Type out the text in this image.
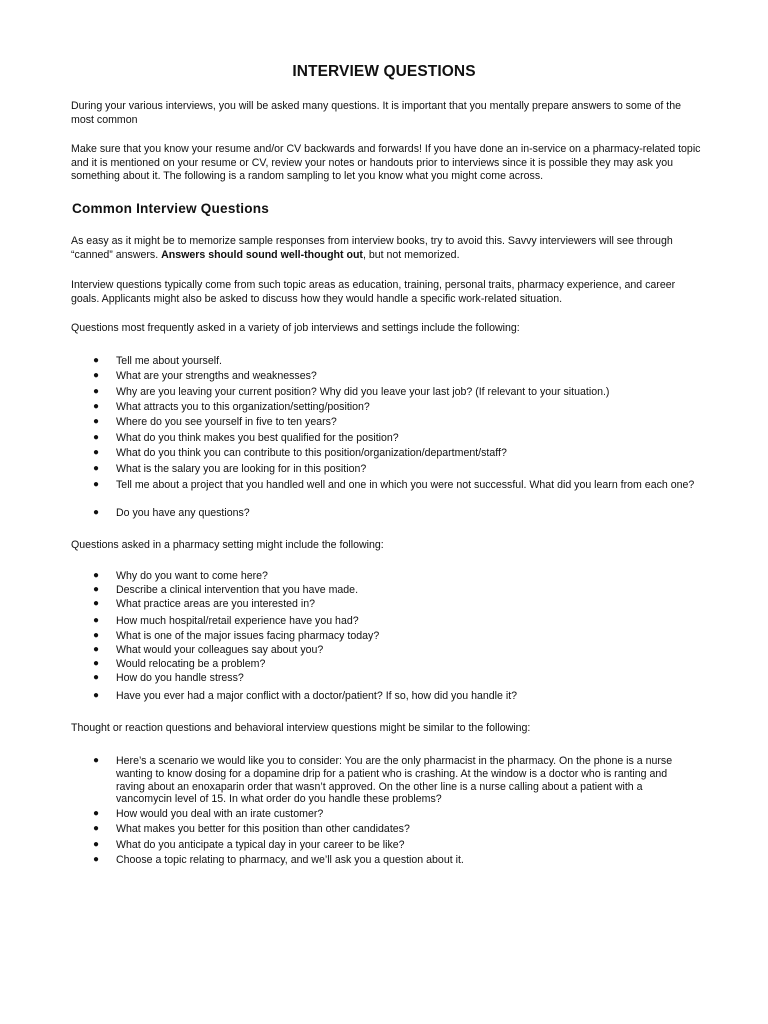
INTERVIEW QUESTIONS
During your various interviews, you will be asked many questions. It is important that you mentally prepare answers to some of the most common
Make sure that you know your resume and/or CV backwards and forwards! If you have done an in-service on a pharmacy-related topic and it is mentioned on your resume or CV, review your notes or handouts prior to interviews since it is possible they may ask you something about it. The following is a random sampling to let you know what you might come across.
Common Interview Questions
As easy as it might be to memorize sample responses from interview books, try to avoid this. Savvy interviewers will see through “canned” answers. Answers should sound well-thought out, but not memorized.
Interview questions typically come from such topic areas as education, training, personal traits, pharmacy experience, and career goals. Applicants might also be asked to discuss how they would handle a specific work-related situation.
Questions most frequently asked in a variety of job interviews and settings include the following:
● Tell me about yourself.
● What are your strengths and weaknesses?
● Why are you leaving your current position? Why did you leave your last job? (If relevant to your situation.)
● What attracts you to this organization/setting/position?
● Where do you see yourself in five to ten years?
● What do you think makes you best qualified for the position?
● What do you think you can contribute to this position/organization/department/staff?
● What is the salary you are looking for in this position?
● Tell me about a project that you handled well and one in which you were not successful. What did you learn from each one?
● Do you have any questions?
Questions asked in a pharmacy setting might include the following:
● Why do you want to come here?
● Describe a clinical intervention that you have made.
● What practice areas are you interested in?
● How much hospital/retail experience have you had?
● What is one of the major issues facing pharmacy today?
● What would your colleagues say about you?
● Would relocating be a problem?
● How do you handle stress?
● Have you ever had a major conflict with a doctor/patient? If so, how did you handle it?
Thought or reaction questions and behavioral interview questions might be similar to the following:
● Here’s a scenario we would like you to consider: You are the only pharmacist in the pharmacy. On the phone is a nurse wanting to know dosing for a dopamine drip for a patient who is crashing. At the window is a doctor who is ranting and raving about an enoxaparin order that wasn’t approved. On the other line is a nurse calling about a patient with a vancomycin level of 15. In what order do you handle these problems?
● How would you deal with an irate customer?
● What makes you better for this position than other candidates?
● What do you anticipate a typical day in your career to be like?
● Choose a topic relating to pharmacy, and we’ll ask you a question about it.
